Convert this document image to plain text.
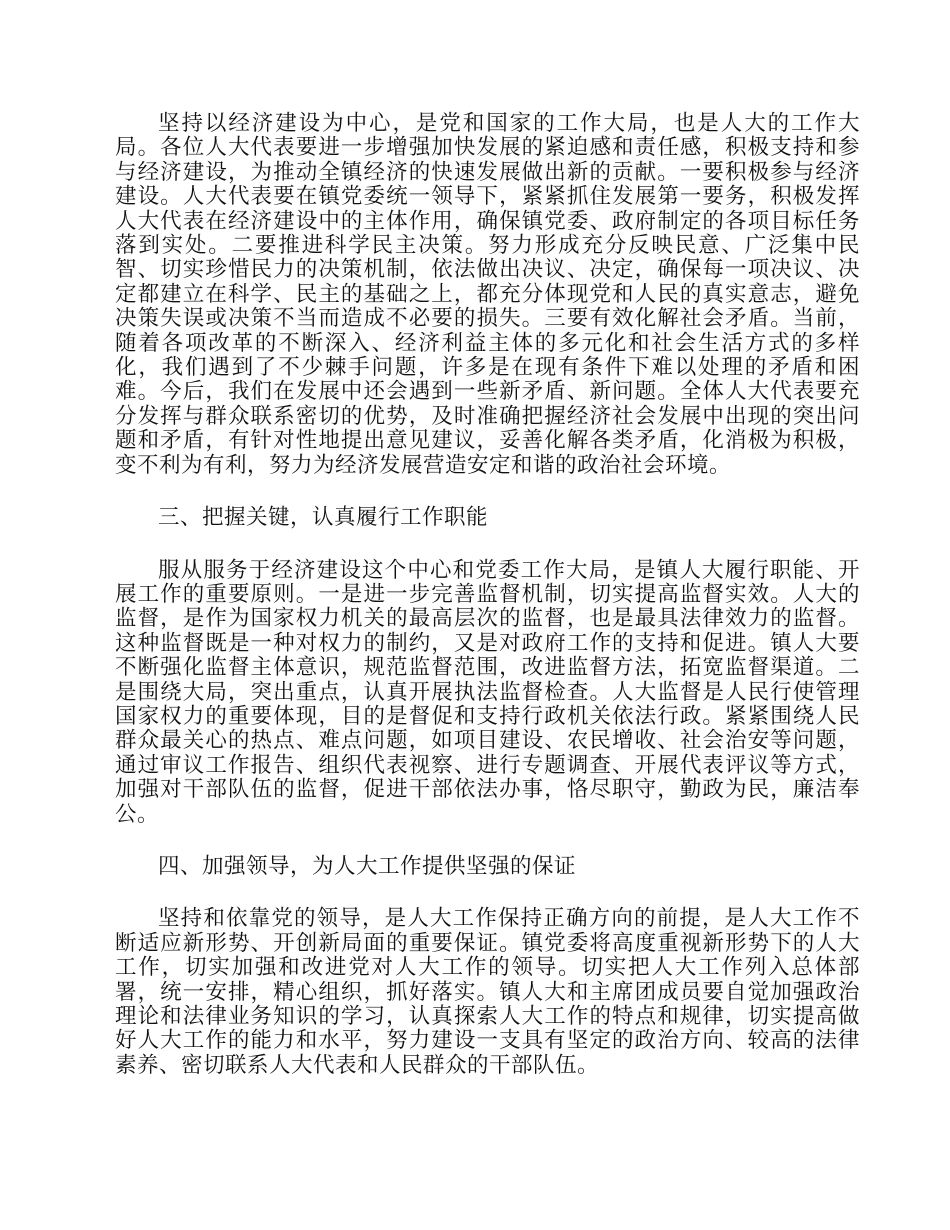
坚持以经济建设为中心，是党和国家的工作大局，也是人大的工作大局。各位人大代表要进一步增强加快发展的紧迫感和责任感，积极支持和参与经济建设，为推动全镇经济的快速发展做出新的贡献。一要积极参与经济建设。人大代表要在镇党委统一领导下，紧紧抓住发展第一要务，积极发挥人大代表在经济建设中的主体作用，确保镇党委、政府制定的各项目标任务落到实处。二要推进科学民主决策。努力形成充分反映民意、广泛集中民智、切实珍惜民力的决策机制，依法做出决议、决定，确保每一项决议、决定都建立在科学、民主的基础之上，都充分体现党和人民的真实意志，避免决策失误或决策不当而造成不必要的损失。三要有效化解社会矛盾。当前，随着各项改革的不断深入、经济利益主体的多元化和社会生活方式的多样化，我们遇到了不少棘手问题，许多是在现有条件下难以处理的矛盾和困难。今后，我们在发展中还会遇到一些新矛盾、新问题。全体人大代表要充分发挥与群众联系密切的优势，及时准确把握经济社会发展中出现的突出问题和矛盾，有针对性地提出意见建议，妥善化解各类矛盾，化消极为积极，变不利为有利，努力为经济发展营造安定和谐的政治社会环境。

三、把握关键，认真履行工作职能

服从服务于经济建设这个中心和党委工作大局，是镇人大履行职能、开展工作的重要原则。一是进一步完善监督机制，切实提高监督实效。人大的监督，是作为国家权力机关的最高层次的监督，也是最具法律效力的监督。这种监督既是一种对权力的制约，又是对政府工作的支持和促进。镇人大要不断强化监督主体意识，规范监督范围，改进监督方法，拓宽监督渠道。二是围绕大局，突出重点，认真开展执法监督检查。人大监督是人民行使管理国家权力的重要体现，目的是督促和支持行政机关依法行政。紧紧围绕人民群众最关心的热点、难点问题，如项目建设、农民增收、社会治安等问题，通过审议工作报告、组织代表视察、进行专题调查、开展代表评议等方式，加强对干部队伍的监督，促进干部依法办事，恪尽职守，勤政为民，廉洁奉公。

四、加强领导，为人大工作提供坚强的保证

坚持和依靠党的领导，是人大工作保持正确方向的前提，是人大工作不断适应新形势、开创新局面的重要保证。镇党委将高度重视新形势下的人大工作，切实加强和改进党对人大工作的领导。切实把人大工作列入总体部署，统一安排，精心组织，抓好落实。镇人大和主席团成员要自觉加强政治理论和法律业务知识的学习，认真探索人大工作的特点和规律，切实提高做好人大工作的能力和水平，努力建设一支具有坚定的政治方向、较高的法律素养、密切联系人大代表和人民群众的干部队伍。
